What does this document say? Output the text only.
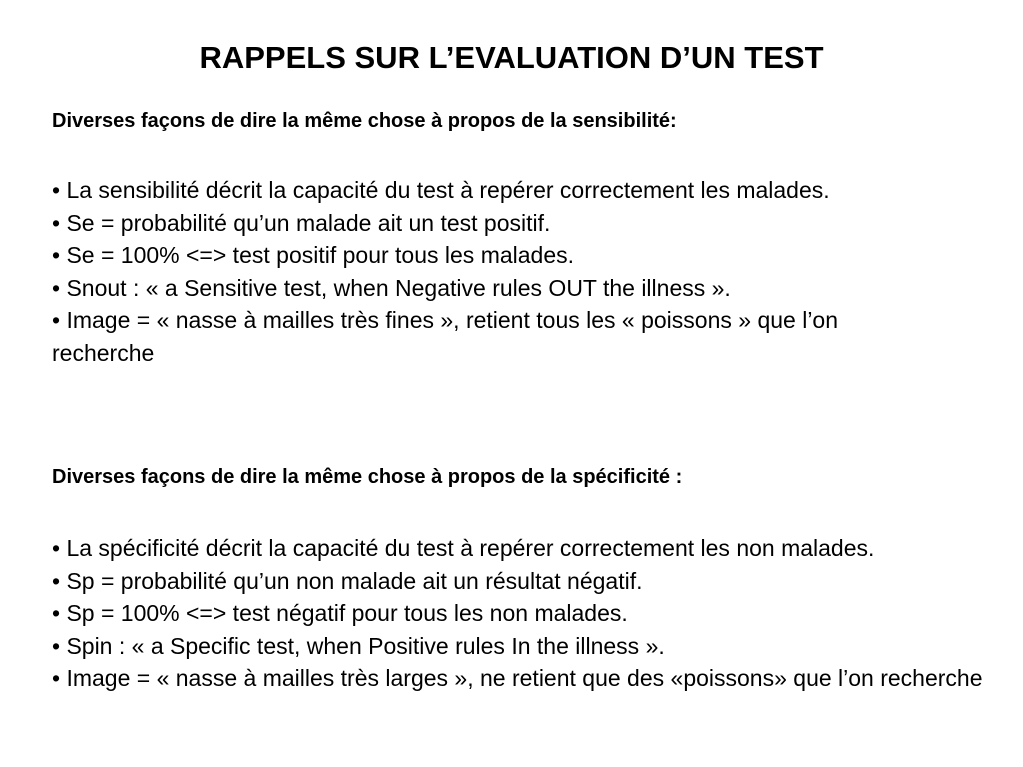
RAPPELS SUR L’EVALUATION D’UN TEST

Diverses façons de dire la même chose à propos de la sensibilité:

• La sensibilité décrit la capacité du test à repérer correctement les malades.
• Se = probabilité qu’un malade ait un test positif.
• Se = 100% <=> test positif pour tous les malades.
• Snout : « a Sensitive test, when Negative rules OUT the illness ».
• Image = « nasse à mailles très fines », retient tous les « poissons » que l’on
recherche

Diverses façons de dire la même chose à propos de la spécificité :

• La spécificité décrit la capacité du test à repérer correctement les non malades.
• Sp = probabilité qu’un non malade ait un résultat négatif.
• Sp = 100% <=> test négatif pour tous les non malades.
• Spin : « a Specific test, when Positive rules In the illness ».
• Image = « nasse à mailles très larges », ne retient que des «poissons» que l’on recherche
